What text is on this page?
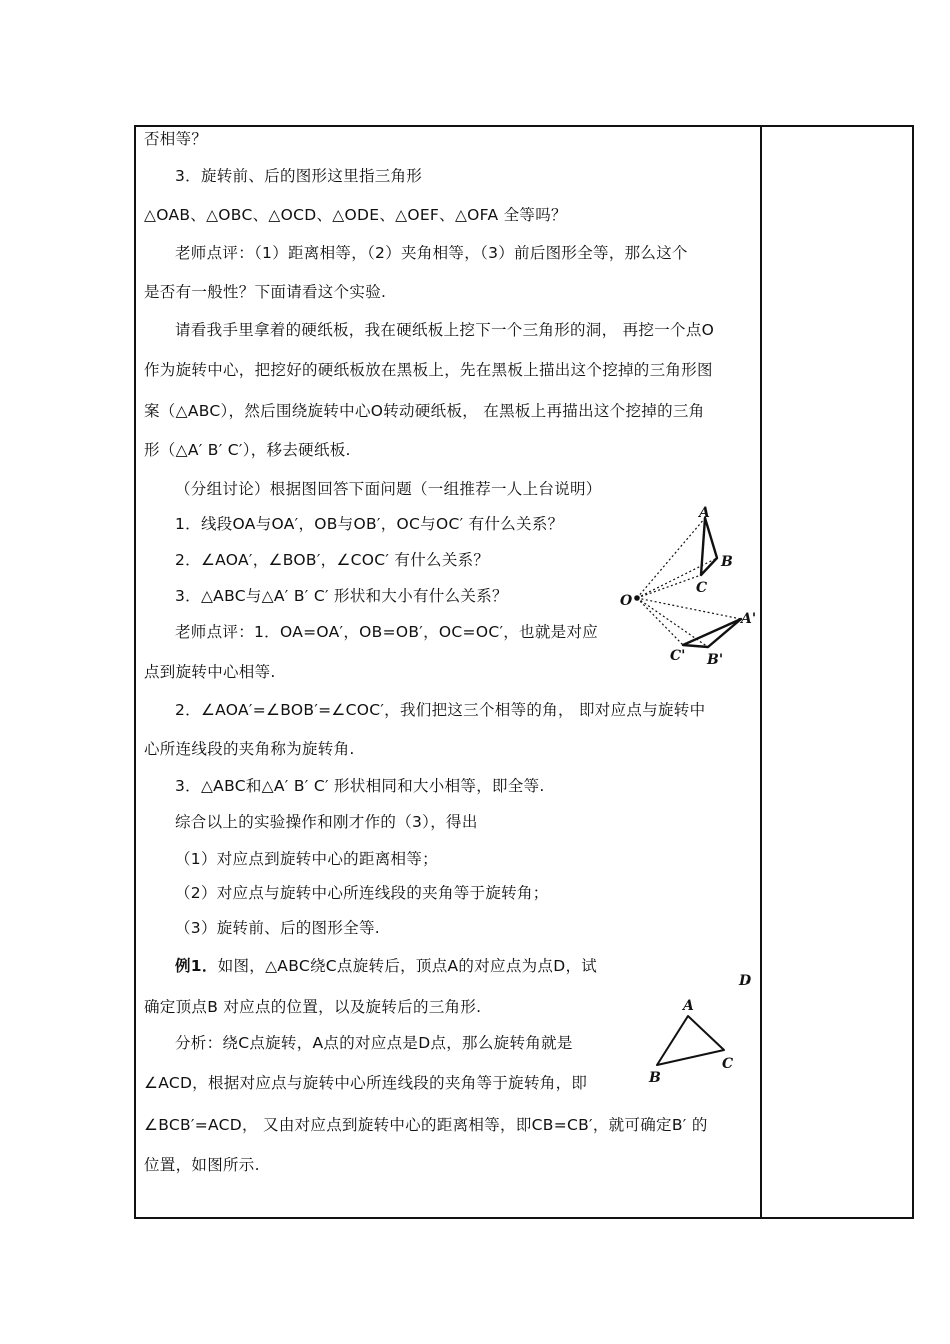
否相等？
3．旋转前、后的图形这里指三角形
△OAB、△OBC、△OCD、△ODE、△OEF、△OFA 全等吗？
老师点评：（1）距离相等，（2）夹角相等，（3）前后图形全等，那么这个
是否有一般性？下面请看这个实验.
请看我手里拿着的硬纸板，我在硬纸板上挖下一个三角形的洞， 再挖一个点O
作为旋转中心，把挖好的硬纸板放在黑板上，先在黑板上描出这个挖掉的三角形图
案（△ABC），然后围绕旋转中心O转动硬纸板， 在黑板上再描出这个挖掉的三角
形（△A′ B′ C′），移去硬纸板.
（分组讨论）根据图回答下面问题（一组推荐一人上台说明）
1．线段OA与OA′，OB与OB′，OC与OC′ 有什么关系？
2．∠AOA′，∠BOB′，∠COC′ 有什么关系？
3．△ABC与△A′ B′ C′ 形状和大小有什么关系？
老师点评：1．OA=OA′，OB=OB′，OC=OC′，也就是对应
点到旋转中心相等.
2．∠AOA′=∠BOB′=∠COC′，我们把这三个相等的角， 即对应点与旋转中
心所连线段的夹角称为旋转角.
3．△ABC和△A′ B′ C′ 形状相同和大小相等，即全等.
综合以上的实验操作和刚才作的（3），得出
（1）对应点到旋转中心的距离相等；
（2）对应点与旋转中心所连线段的夹角等于旋转角；
（3）旋转前、后的图形全等.
例1．如图，△ABC绕C点旋转后，顶点A的对应点为点D，试
确定顶点B 对应点的位置，以及旋转后的三角形.
分析：绕C点旋转，A点的对应点是D点，那么旋转角就是
∠ACD，根据对应点与旋转中心所连线段的夹角等于旋转角，即
∠BCB′=ACD， 又由对应点到旋转中心的距离相等，即CB=CB′，就可确定B′ 的
位置，如图所示.
A
B
C
O
A'
B'
C'
A
B
C
D
